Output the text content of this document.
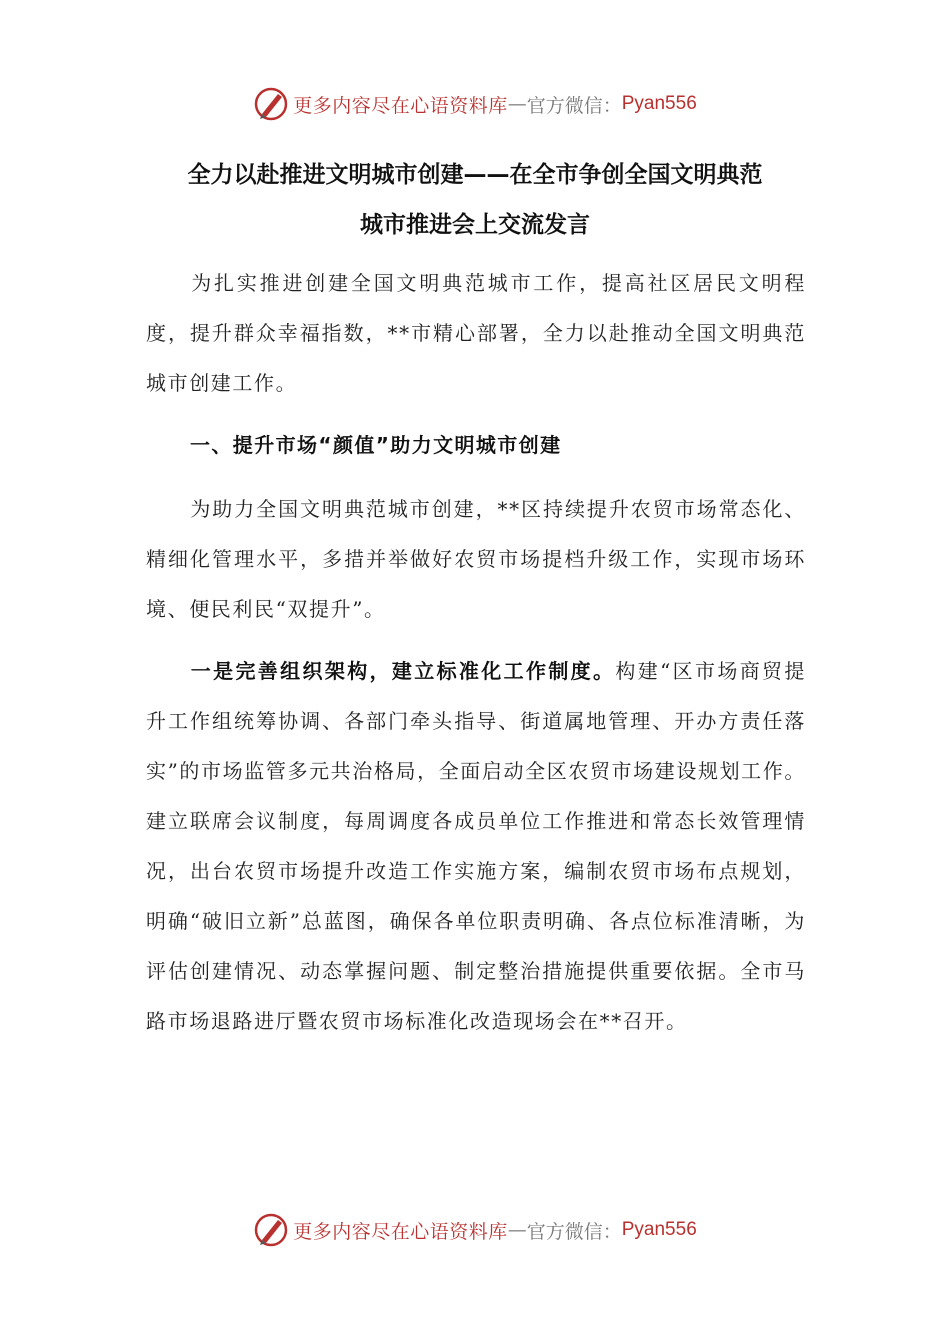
更多内容尽在心语资料库 — 官方微信： Pyan556
全力以赴推进文明城市创建——在全市争创全国文明典范
城市推进会上交流发言

为扎实推进创建全国文明典范城市工作，提高社区居民文明程度，提升群众幸福指数，**市精心部署，全力以赴推动全国文明典范城市创建工作。

一、提升市场“颜值”助力文明城市创建

为助力全国文明典范城市创建，**区持续提升农贸市场常态化、精细化管理水平，多措并举做好农贸市场提档升级工作，实现市场环境、便民利民“双提升”。

一是完善组织架构，建立标准化工作制度。构建“区市场商贸提升工作组统筹协调、各部门牵头指导、街道属地管理、开办方责任落实”的市场监管多元共治格局，全面启动全区农贸市场建设规划工作。建立联席会议制度，每周调度各成员单位工作推进和常态长效管理情况，出台农贸市场提升改造工作实施方案，编制农贸市场布点规划，明确“破旧立新”总蓝图，确保各单位职责明确、各点位标准清晰，为评估创建情况、动态掌握问题、制定整治措施提供重要依据。全市马路市场退路进厅暨农贸市场标准化改造现场会在**召开。

更多内容尽在心语资料库 — 官方微信： Pyan556
